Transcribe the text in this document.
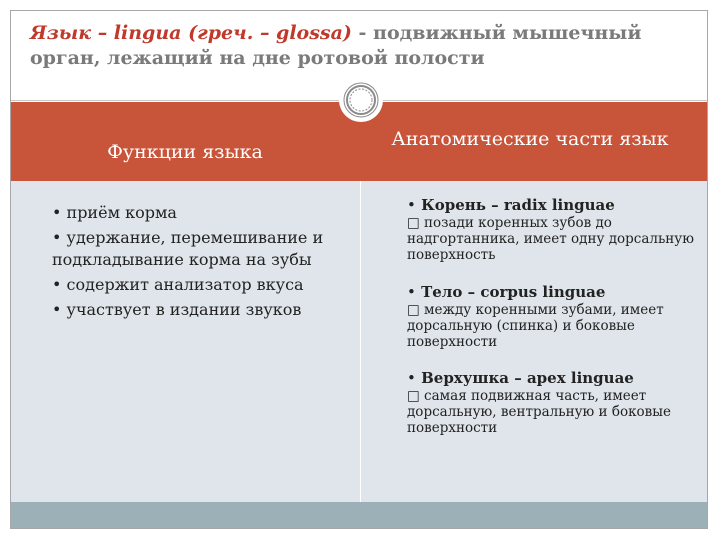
Язык – lingua (греч. – glossa) - подвижный мышечный
орган, лежащий на дне ротовой полости
Функции языка
Анатомические части язык
• приём корма
• удержание, перемешивание и подкладывание корма на зубы
• содержит анализатор вкуса
• участвует в издании звуков
• Корень – radix linguae
□ позади коренных зубов до надгортанника, имеет одну дорсальную поверхность
• Тело – corpus linguae
□ между коренными зубами, имеет дорсальную (спинка) и боковые поверхности
• Верхушка – apex linguae
□ самая подвижная часть, имеет дорсальную, вентральную и боковые поверхности
